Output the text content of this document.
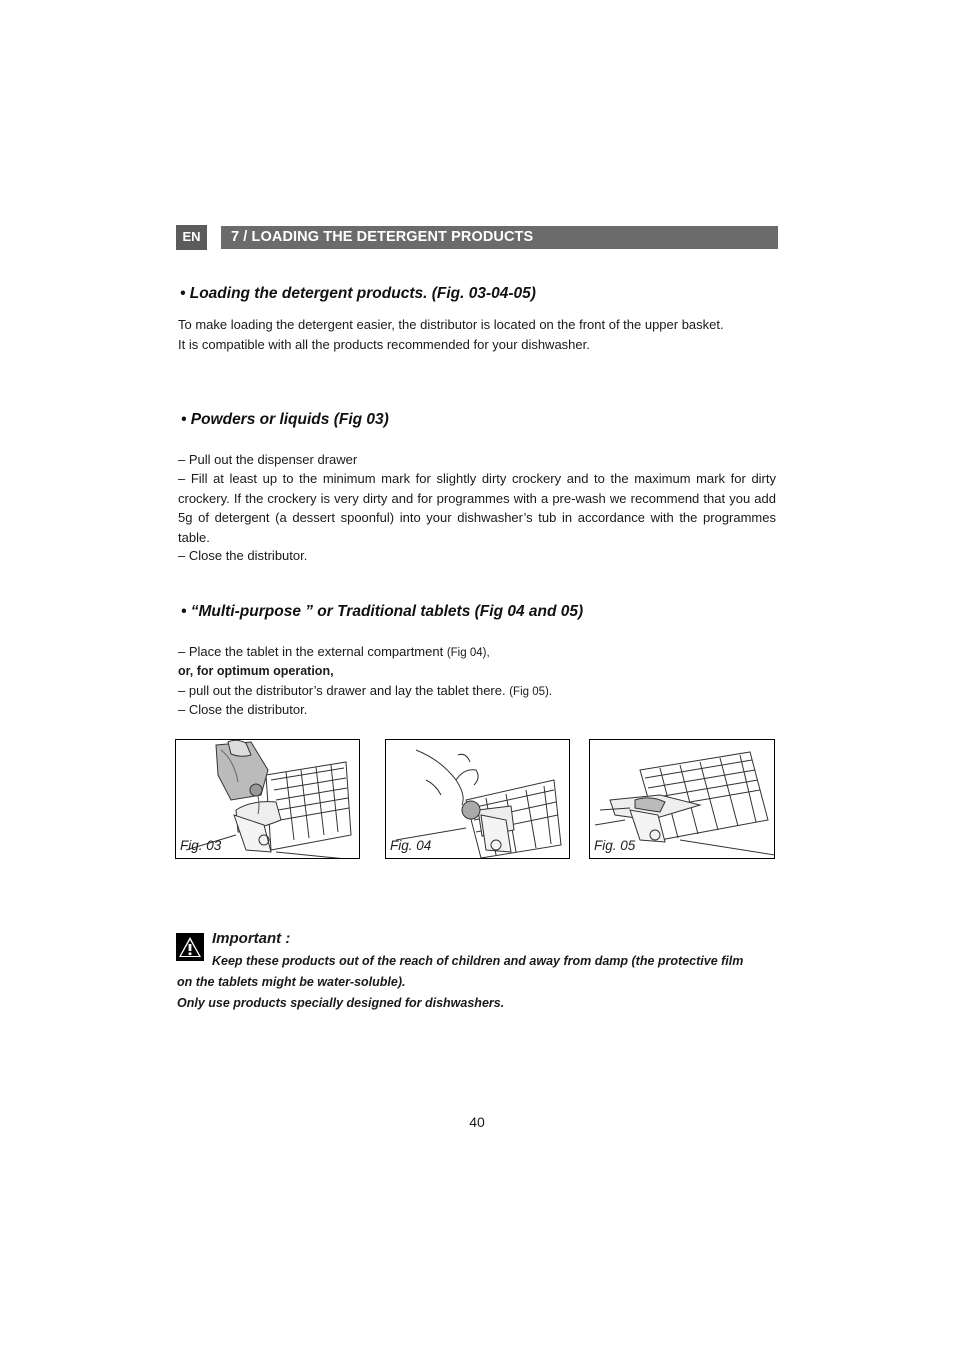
EN	7 / LOADING THE DETERGENT PRODUCTS
• Loading the detergent products. (Fig. 03-04-05)
To make loading the detergent easier, the distributor is located on the front of the upper basket.
It is compatible with all the products recommended for your dishwasher.
• Powders or liquids (Fig 03)
– Pull out the dispenser drawer
– Fill at least up to the minimum mark for slightly dirty crockery and to the maximum mark for dirty crockery. If the crockery is very dirty and for programmes with a pre-wash we recommend that you add 5g of detergent (a dessert spoonful) into your dishwasher’s tub in accordance with the programmes table.
– Close the distributor.
• “Multi-purpose ” or Traditional tablets (Fig 04 and 05)
– Place the tablet in the external compartment (Fig 04),
or, for optimum operation,
– pull out the distributor’s drawer and lay the tablet there. (Fig 05).
– Close the distributor.
Fig. 03	Fig. 04	Fig. 05
Important :
Keep these products out of the reach of children and away from damp (the protective film
on the tablets might be water-soluble).
Only use products specially designed for dishwashers.
40
